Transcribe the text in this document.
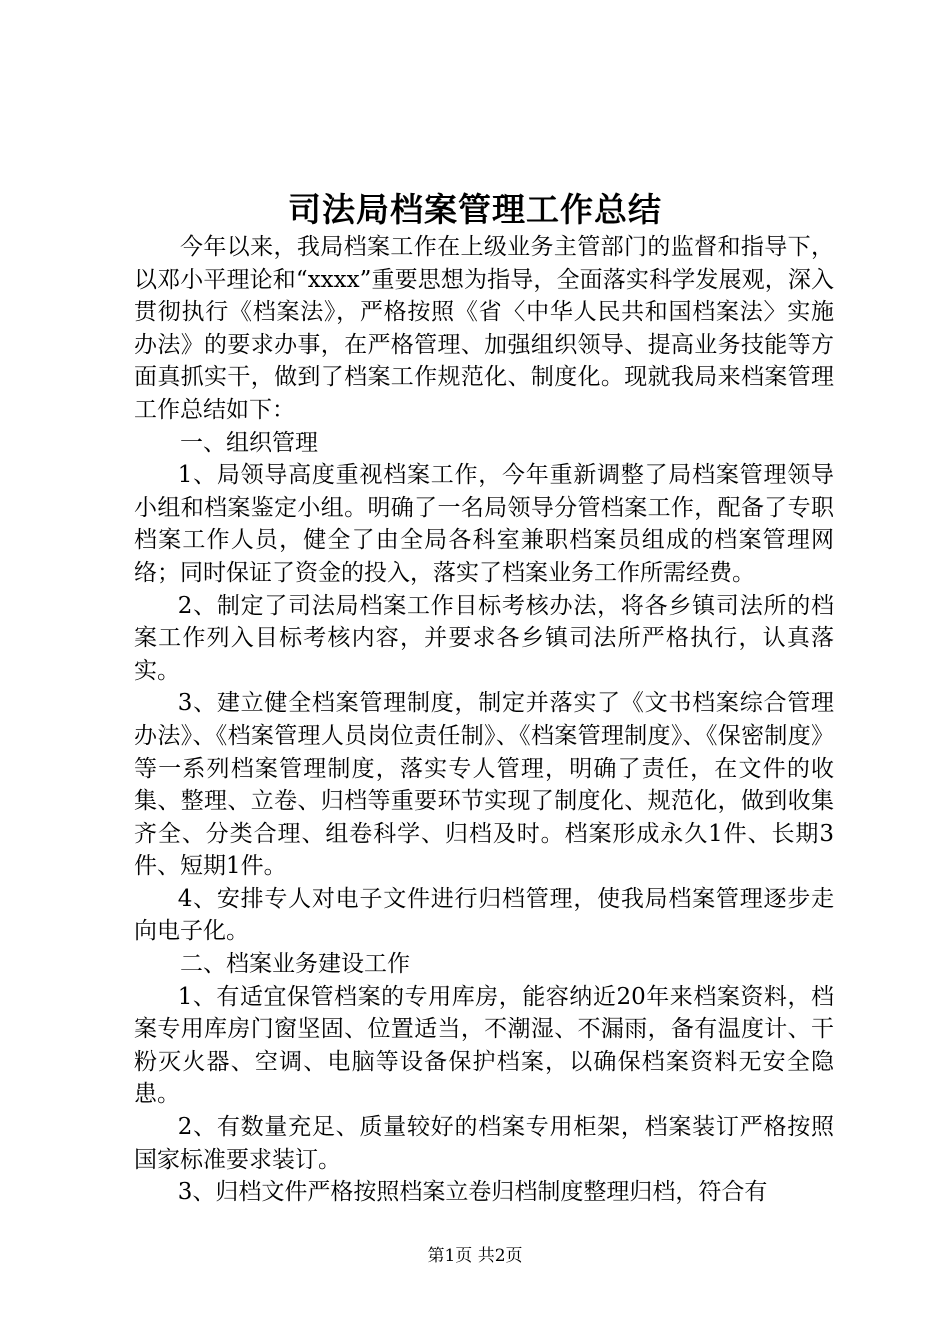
司法局档案管理工作总结

今年以来，我局档案工作在上级业务主管部门的监督和指导下，以邓小平理论和“xxxx”重要思想为指导，全面落实科学发展观，深入贯彻执行《档案法》，严格按照《省〈中华人民共和国档案法〉实施办法》的要求办事，在严格管理、加强组织领导、提高业务技能等方面真抓实干，做到了档案工作规范化、制度化。现就我局来档案管理工作总结如下：

一、组织管理

1、局领导高度重视档案工作，今年重新调整了局档案管理领导小组和档案鉴定小组。明确了一名局领导分管档案工作，配备了专职档案工作人员，健全了由全局各科室兼职档案员组成的档案管理网络；同时保证了资金的投入，落实了档案业务工作所需经费。

2、制定了司法局档案工作目标考核办法，将各乡镇司法所的档案工作列入目标考核内容，并要求各乡镇司法所严格执行，认真落实。

3、建立健全档案管理制度，制定并落实了《文书档案综合管理办法》、《档案管理人员岗位责任制》、《档案管理制度》、《保密制度》等一系列档案管理制度，落实专人管理，明确了责任，在文件的收集、整理、立卷、归档等重要环节实现了制度化、规范化，做到收集齐全、分类合理、组卷科学、归档及时。档案形成永久1件、长期3件、短期1件。

4、安排专人对电子文件进行归档管理，使我局档案管理逐步走向电子化。

二、档案业务建设工作

1、有适宜保管档案的专用库房，能容纳近20年来档案资料，档案专用库房门窗坚固、位置适当，不潮湿、不漏雨，备有温度计、干粉灭火器、空调、电脑等设备保护档案，以确保档案资料无安全隐患。

2、有数量充足、质量较好的档案专用柜架，档案装订严格按照国家标准要求装订。

3、归档文件严格按照档案立卷归档制度整理归档，符合有

第1页 共2页
